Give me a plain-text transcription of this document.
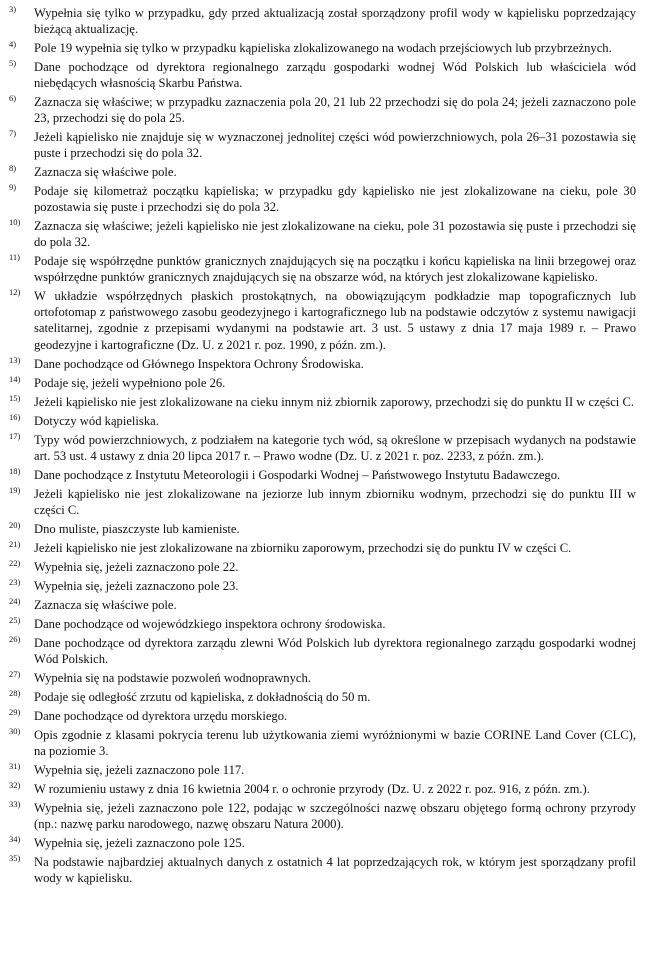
3) Wypełnia się tylko w przypadku, gdy przed aktualizacją został sporządzony profil wody w kąpielisku poprzedzający bieżącą aktualizację.

4) Pole 19 wypełnia się tylko w przypadku kąpieliska zlokalizowanego na wodach przejściowych lub przybrzeżnych.

5) Dane pochodzące od dyrektora regionalnego zarządu gospodarki wodnej Wód Polskich lub właściciela wód niebędących własnością Skarbu Państwa.

6) Zaznacza się właściwe; w przypadku zaznaczenia pola 20, 21 lub 22 przechodzi się do pola 24; jeżeli zaznaczono pole 23, przechodzi się do pola 25.

7) Jeżeli kąpielisko nie znajduje się w wyznaczonej jednolitej części wód powierzchniowych, pola 26–31 pozostawia się puste i przechodzi się do pola 32.

8) Zaznacza się właściwe pole.

9) Podaje się kilometraż początku kąpieliska; w przypadku gdy kąpielisko nie jest zlokalizowane na cieku, pole 30 pozostawia się puste i przechodzi się do pola 32.

10) Zaznacza się właściwe; jeżeli kąpielisko nie jest zlokalizowane na cieku, pole 31 pozostawia się puste i przechodzi się do pola 32.

11) Podaje się współrzędne punktów granicznych znajdujących się na początku i końcu kąpieliska na linii brzegowej oraz współrzędne punktów granicznych znajdujących się na obszarze wód, na których jest zlokalizowane kąpielisko.

12) W układzie współrzędnych płaskich prostokątnych, na obowiązującym podkładzie map topograficznych lub ortofotomap z państwowego zasobu geodezyjnego i kartograficznego lub na podstawie odczytów z systemu nawigacji satelitarnej, zgodnie z przepisami wydanymi na podstawie art. 3 ust. 5 ustawy z dnia 17 maja 1989 r. – Prawo geodezyjne i kartograficzne (Dz. U. z 2021 r. poz. 1990, z późn. zm.).

13) Dane pochodzące od Głównego Inspektora Ochrony Środowiska.

14) Podaje się, jeżeli wypełniono pole 26.

15) Jeżeli kąpielisko nie jest zlokalizowane na cieku innym niż zbiornik zaporowy, przechodzi się do punktu II w części C.

16) Dotyczy wód kąpieliska.

17) Typy wód powierzchniowych, z podziałem na kategorie tych wód, są określone w przepisach wydanych na podstawie art. 53 ust. 4 ustawy z dnia 20 lipca 2017 r. – Prawo wodne (Dz. U. z 2021 r. poz. 2233, z późn. zm.).

18) Dane pochodzące z Instytutu Meteorologii i Gospodarki Wodnej – Państwowego Instytutu Badawczego.

19) Jeżeli kąpielisko nie jest zlokalizowane na jeziorze lub innym zbiorniku wodnym, przechodzi się do punktu III w części C.

20) Dno muliste, piaszczyste lub kamieniste.

21) Jeżeli kąpielisko nie jest zlokalizowane na zbiorniku zaporowym, przechodzi się do punktu IV w części C.

22) Wypełnia się, jeżeli zaznaczono pole 22.

23) Wypełnia się, jeżeli zaznaczono pole 23.

24) Zaznacza się właściwe pole.

25) Dane pochodzące od wojewódzkiego inspektora ochrony środowiska.

26) Dane pochodzące od dyrektora zarządu zlewni Wód Polskich lub dyrektora regionalnego zarządu gospodarki wodnej Wód Polskich.

27) Wypełnia się na podstawie pozwoleń wodnoprawnych.

28) Podaje się odległość zrzutu od kąpieliska, z dokładnością do 50 m.

29) Dane pochodzące od dyrektora urzędu morskiego.

30) Opis zgodnie z klasami pokrycia terenu lub użytkowania ziemi wyróżnionymi w bazie CORINE Land Cover (CLC), na poziomie 3.

31) Wypełnia się, jeżeli zaznaczono pole 117.

32) W rozumieniu ustawy z dnia 16 kwietnia 2004 r. o ochronie przyrody (Dz. U. z 2022 r. poz. 916, z późn. zm.).

33) Wypełnia się, jeżeli zaznaczono pole 122, podając w szczególności nazwę obszaru objętego formą ochrony przyrody (np.: nazwę parku narodowego, nazwę obszaru Natura 2000).

34) Wypełnia się, jeżeli zaznaczono pole 125.

35) Na podstawie najbardziej aktualnych danych z ostatnich 4 lat poprzedzających rok, w którym jest sporządzany profil wody w kąpielisku.
